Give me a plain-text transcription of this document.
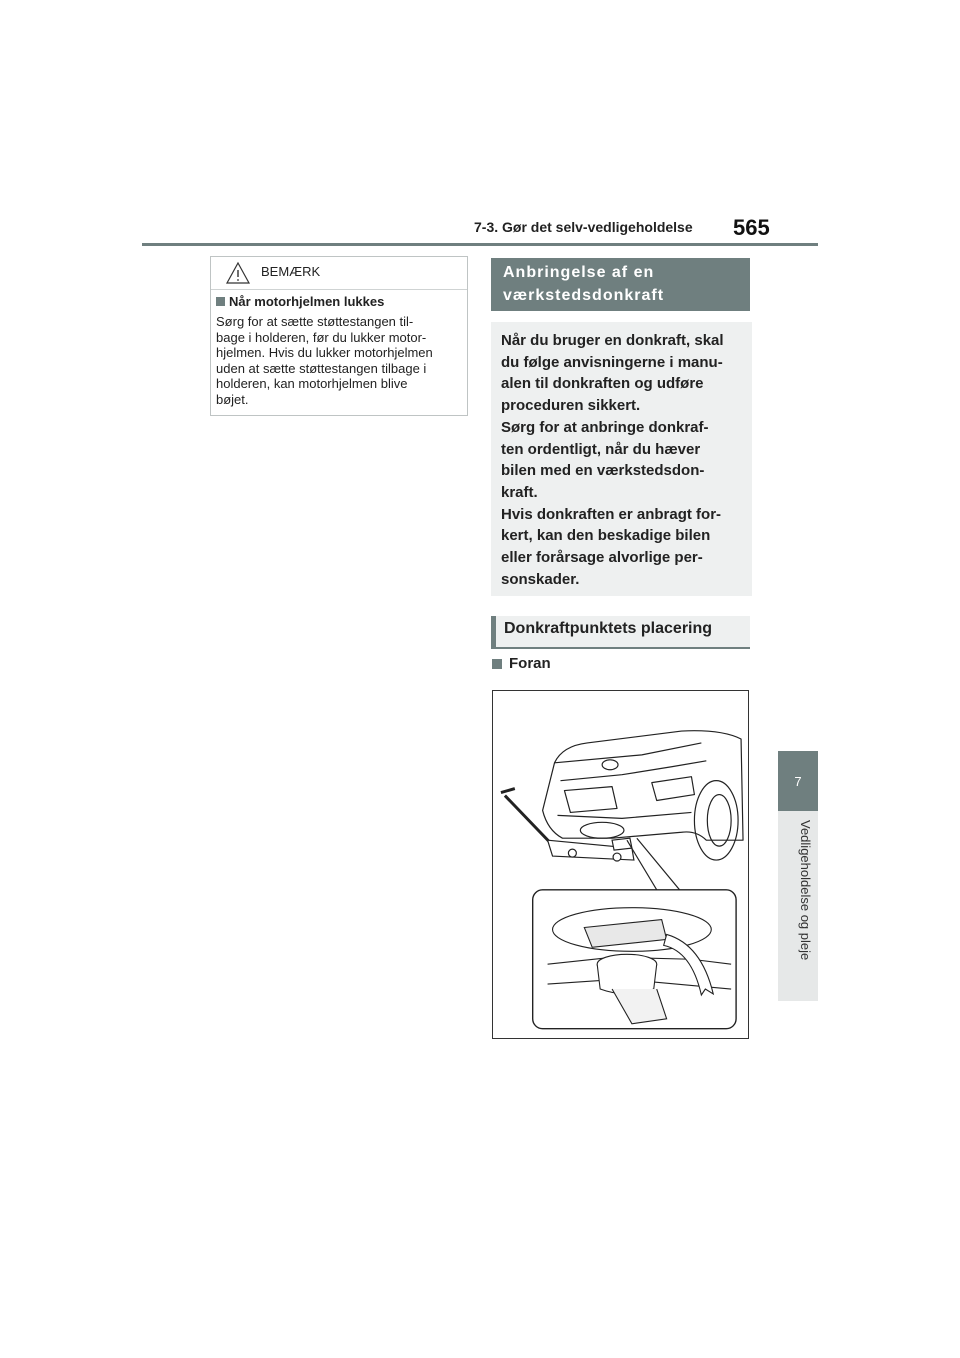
7-3. Gør det selv-vedligeholdelse 565
7
Vedligeholdelse og pleje
BEMÆRK
Når motorhjelmen lukkes
Sørg for at sætte støttestangen til-
bage i holderen, før du lukker motor-
hjelmen. Hvis du lukker motorhjelmen
uden at sætte støttestangen tilbage i
holderen, kan motorhjelmen blive
bøjet.
Anbringelse af en
værkstedsdonkraft
Når du bruger en donkraft, skal
du følge anvisningerne i manu-
alen til donkraften og udføre
proceduren sikkert.
Sørg for at anbringe donkraf-
ten ordentligt, når du hæver
bilen med en værkstedsdon-
kraft.
Hvis donkraften er anbragt for-
kert, kan den beskadige bilen
eller forårsage alvorlige per-
sonskader.
Donkraftpunktets placering
Foran
